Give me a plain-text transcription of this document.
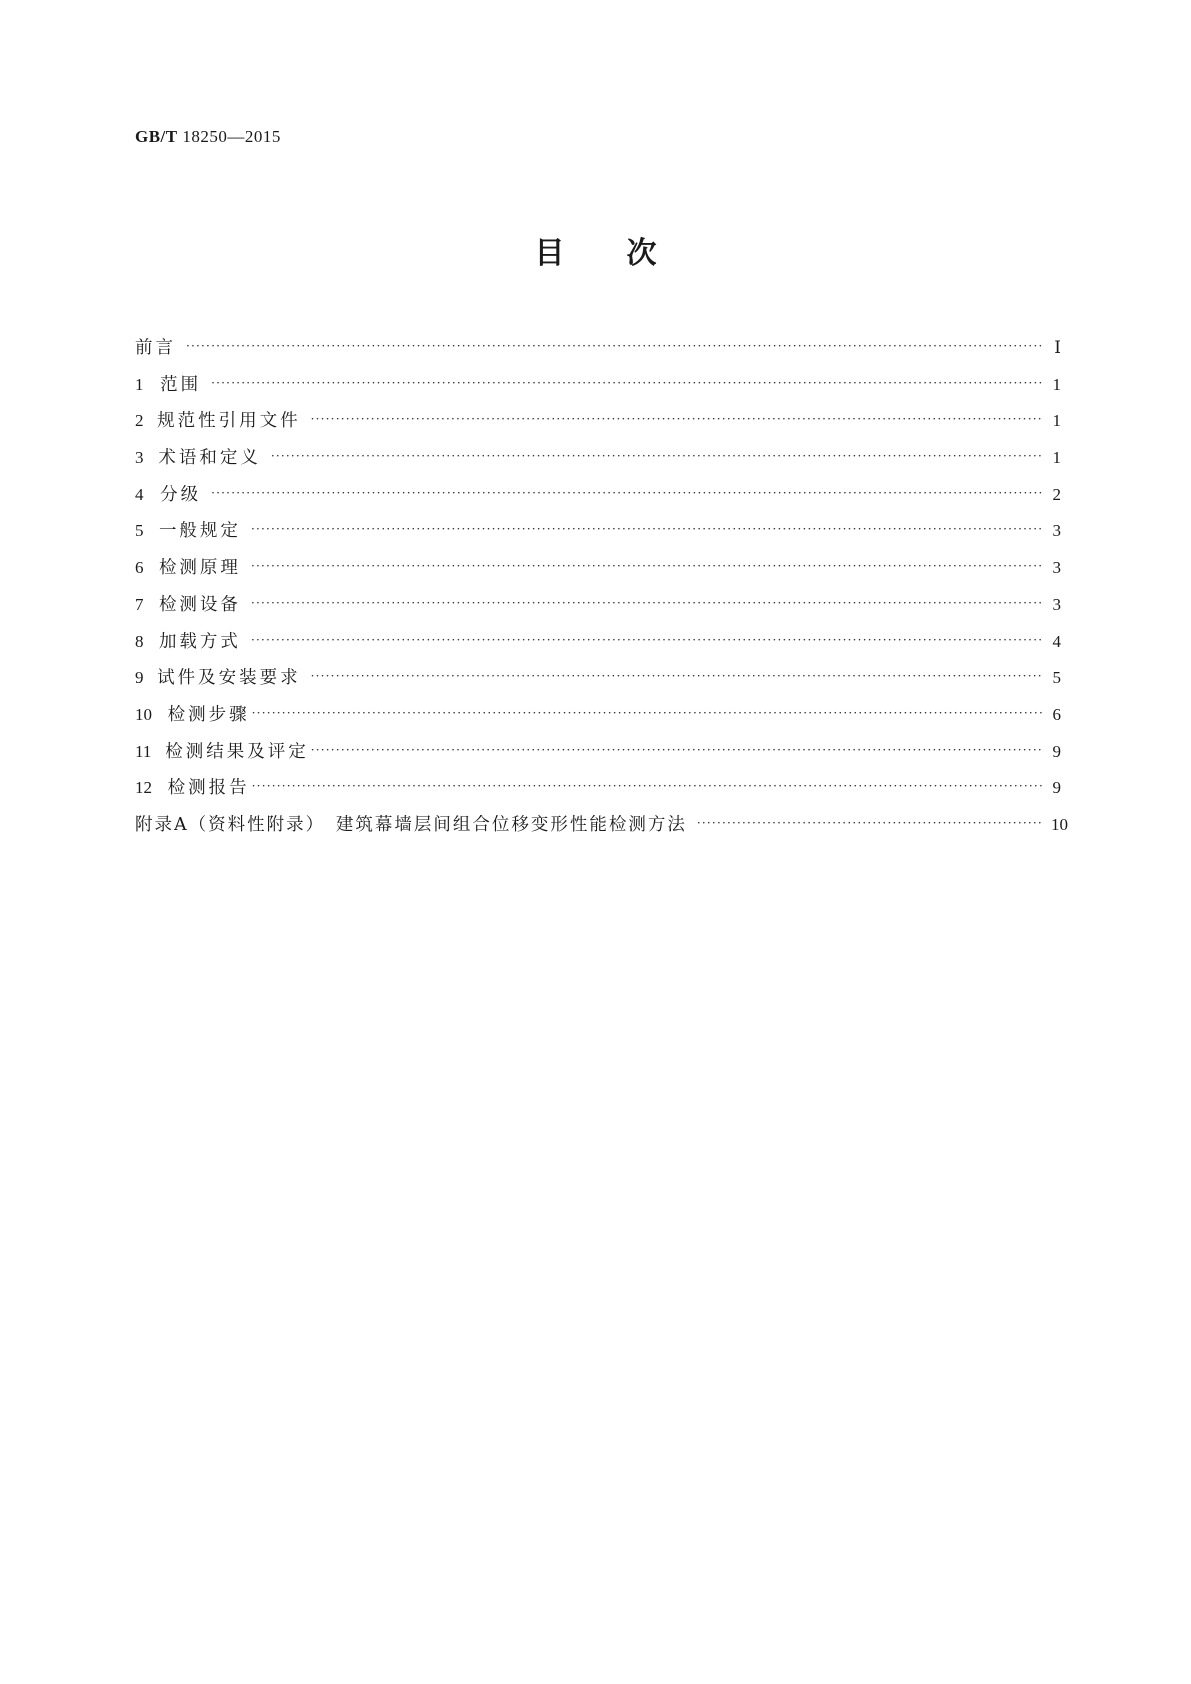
GB/T 18250—2015
目次
前言 ·····	Ⅰ
1 范围 ·····	1
2 规范性引用文件 ·····	1
3 术语和定义 ·····	1
4 分级 ·····	2
5 一般规定 ·····	3
6 检测原理 ·····	3
7 检测设备 ·····	3
8 加载方式 ·····	4
9 试件及安装要求 ·····	5
10 检测步骤 ·····	6
11 检测结果及评定 ·····	9
12 检测报告 ·····	9
附录A（资料性附录）　建筑幕墙层间组合位移变形性能检测方法 ·····	10
